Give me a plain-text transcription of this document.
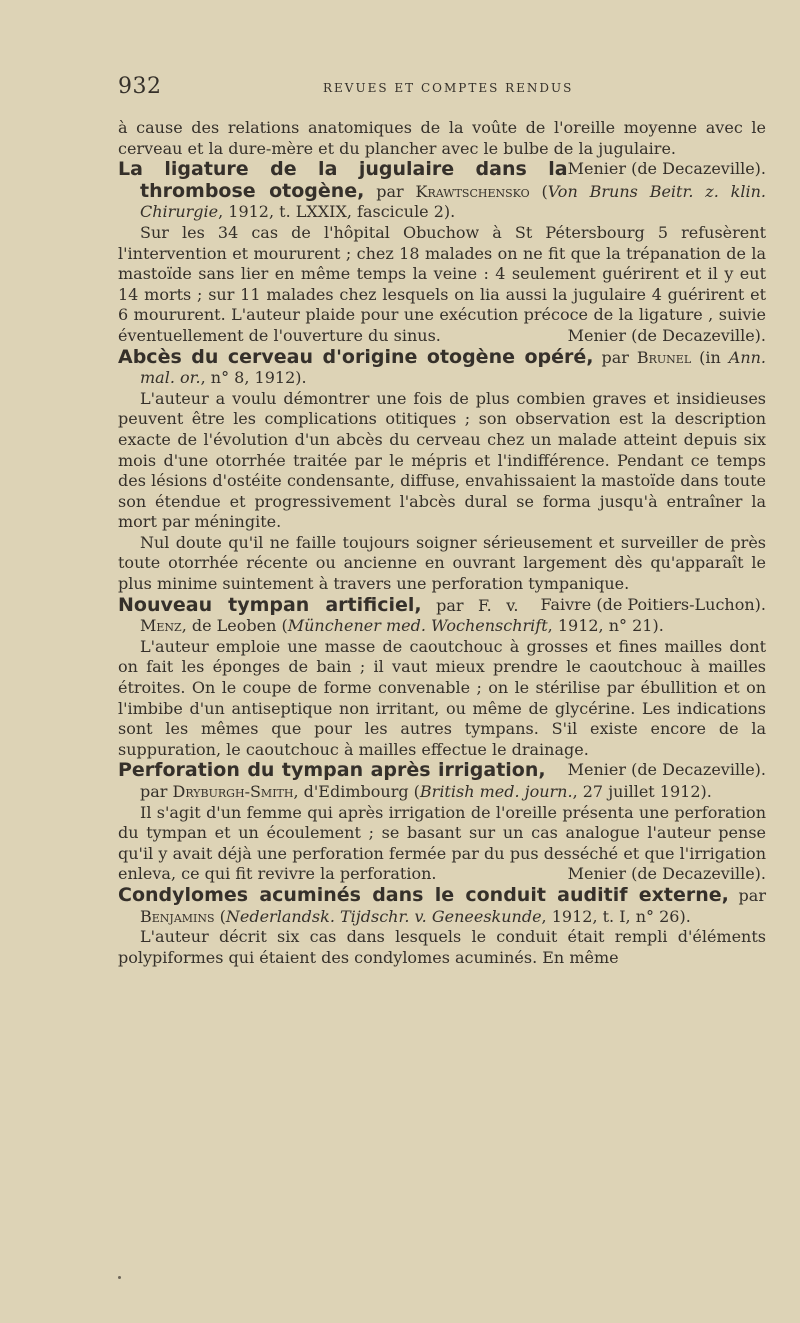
932	REVUES ET COMPTES RENDUS

à cause des relations anatomiques de la voûte de l'oreille moyenne avec le cerveau et la dure-mère et du plancher avec le bulbe de la jugulaire.
Menier (de Decazeville).

La ligature de la jugulaire dans la thrombose otogène, par Krawtschensko (Von Bruns Beitr. z. klin. Chirurgie, 1912, t. LXXIX, fascicule 2).

Sur les 34 cas de l'hôpital Obuchow à St Pétersbourg 5 refusèrent l'intervention et moururent ; chez 18 malades on ne fit que la trépanation de la mastoïde sans lier en même temps la veine : 4 seulement guérirent et il y eut 14 morts ; sur 11 malades chez lesquels on lia aussi la jugulaire 4 guérirent et 6 moururent. L'auteur plaide pour une exécution précoce de la ligature , suivie éventuellement de l'ouverture du sinus.	Menier (de Decazeville).

Abcès du cerveau d'origine otogène opéré, par Brunel (in Ann. mal. or., n° 8, 1912).

L'auteur a voulu démontrer une fois de plus combien graves et insidieuses peuvent être les complications otitiques ; son observation est la description exacte de l'évolution d'un abcès du cerveau chez un malade atteint depuis six mois d'une otorrhée traitée par le mépris et l'indifférence. Pendant ce temps des lésions d'ostéite condensante, diffuse, envahissaient la mastoïde dans toute son étendue et progressivement l'abcès dural se forma jusqu'à entraîner la mort par méningite.

Nul doute qu'il ne faille toujours soigner sérieusement et surveiller de près toute otorrhée récente ou ancienne en ouvrant largement dès qu'apparaît le plus minime suintement à travers une perforation tympanique.
Faivre (de Poitiers-Luchon).

Nouveau tympan artificiel, par F. v. Menz, de Leoben (Münchener med. Wochenschrift, 1912, n° 21).

L'auteur emploie une masse de caoutchouc à grosses et fines mailles dont on fait les éponges de bain ; il vaut mieux prendre le caoutchouc à mailles étroites. On le coupe de forme convenable ; on le stérilise par ébullition et on l'imbibe d'un antiseptique non irritant, ou même de glycérine. Les indications sont les mêmes que pour les autres tympans. S'il existe encore de la suppuration, le caoutchouc à mailles effectue le drainage.
Menier (de Decazeville).

Perforation du tympan après irrigation, par Dryburgh-Smith, d'Edimbourg (British med. journ., 27 juillet 1912).

Il s'agit d'un femme qui après irrigation de l'oreille présenta une perforation du tympan et un écoulement ; se basant sur un cas analogue l'auteur pense qu'il y avait déjà une perforation fermée par du pus desséché et que l'irrigation enleva, ce qui fit revivre la perforation.	Menier (de Decazeville).

Condylomes acuminés dans le conduit auditif externe, par Benjamins (Nederlandsk. Tijdschr. v. Geneeskunde, 1912, t. I, n° 26).

L'auteur décrit six cas dans lesquels le conduit était rempli d'éléments polypiformes qui étaient des condylomes acuminés. En même
